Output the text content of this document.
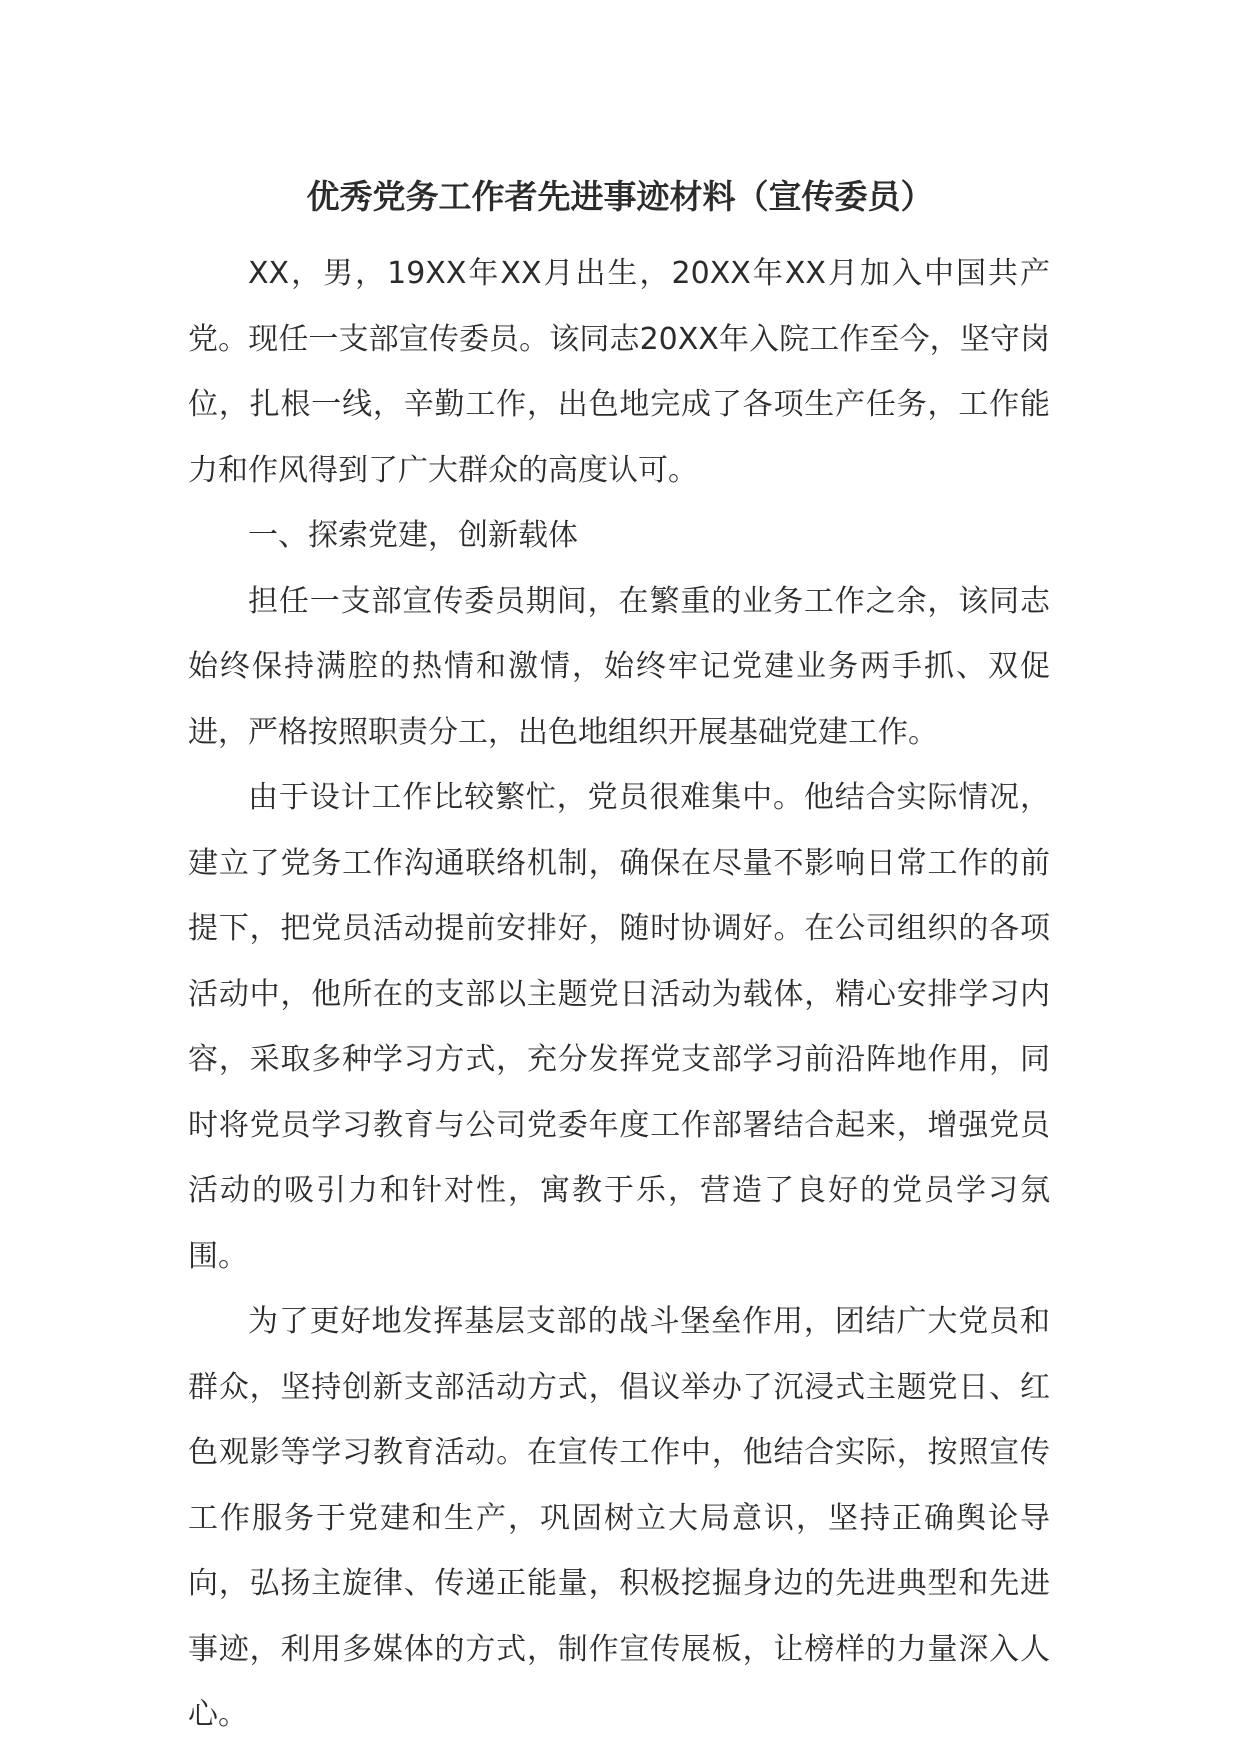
优秀党务工作者先进事迹材料（宣传委员）

XX，男，19XX年XX月出生，20XX年XX月加入中国共产党。现任一支部宣传委员。该同志20XX年入院工作至今，坚守岗位，扎根一线，辛勤工作，出色地完成了各项生产任务，工作能力和作风得到了广大群众的高度认可。

一、探索党建，创新载体

担任一支部宣传委员期间，在繁重的业务工作之余，该同志始终保持满腔的热情和激情，始终牢记党建业务两手抓、双促进，严格按照职责分工，出色地组织开展基础党建工作。

由于设计工作比较繁忙，党员很难集中。他结合实际情况，建立了党务工作沟通联络机制，确保在尽量不影响日常工作的前提下，把党员活动提前安排好，随时协调好。在公司组织的各项活动中，他所在的支部以主题党日活动为载体，精心安排学习内容，采取多种学习方式，充分发挥党支部学习前沿阵地作用，同时将党员学习教育与公司党委年度工作部署结合起来，增强党员活动的吸引力和针对性，寓教于乐，营造了良好的党员学习氛围。

为了更好地发挥基层支部的战斗堡垒作用，团结广大党员和群众，坚持创新支部活动方式，倡议举办了沉浸式主题党日、红色观影等学习教育活动。在宣传工作中，他结合实际，按照宣传工作服务于党建和生产，巩固树立大局意识，坚持正确舆论导向，弘扬主旋律、传递正能量，积极挖掘身边的先进典型和先进事迹，利用多媒体的方式，制作宣传展板，让榜样的力量深入人心。
